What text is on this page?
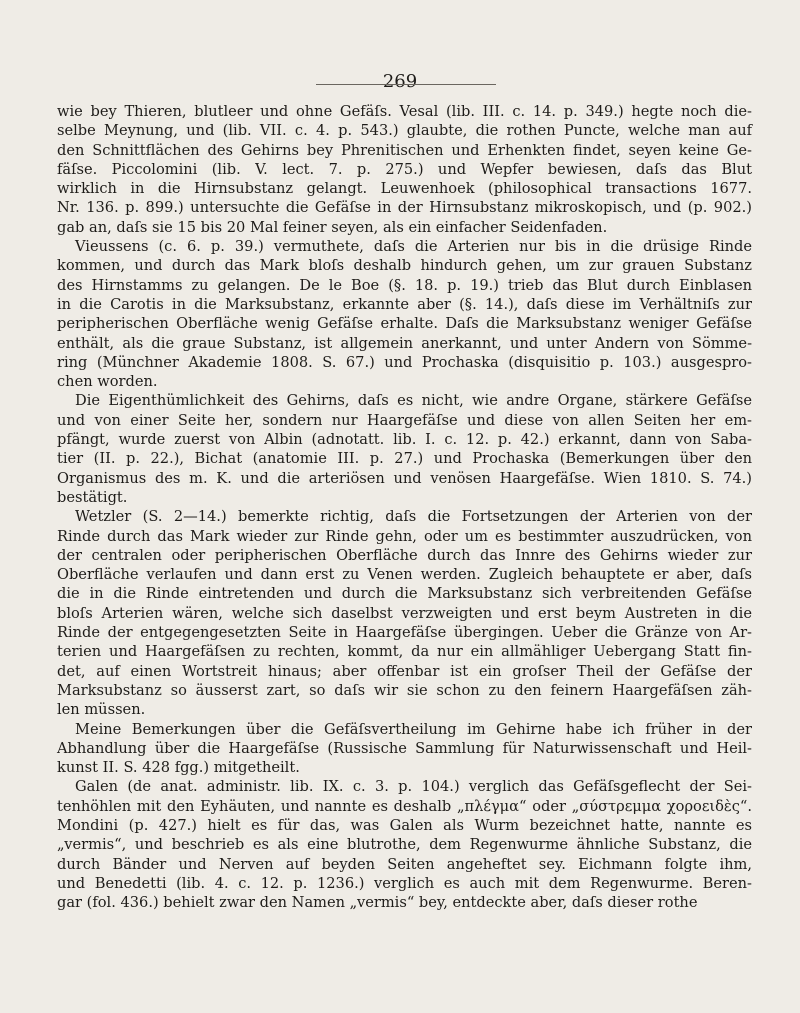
269
wie bey Thieren, blutleer und ohne Gefäſs. Vesal (lib. III. c. 14. p. 349.) hegte noch die-
selbe Meynung, und (lib. VII. c. 4. p. 543.) glaubte, die rothen Puncte, welche man auf
den Schnittflächen des Gehirns bey Phrenitischen und Erhenkten findet, seyen keine Ge-
fäſse. Piccolomini (lib. V. lect. 7. p. 275.) und Wepfer bewiesen, daſs das Blut
wirklich in die Hirnsubstanz gelangt. Leuwenhoek (philosophical transactions 1677.
Nr. 136. p. 899.) untersuchte die Gefäſse in der Hirnsubstanz mikroskopisch, und (p. 902.)
gab an, daſs sie 15 bis 20 Mal feiner seyen, als ein einfacher Seidenfaden.
Vieussens (c. 6. p. 39.) vermuthete, daſs die Arterien nur bis in die drüsige Rinde
kommen, und durch das Mark bloſs deshalb hindurch gehen, um zur grauen Substanz
des Hirnstamms zu gelangen. De le Boe (§. 18. p. 19.) trieb das Blut durch Einblasen
in die Carotis in die Marksubstanz, erkannte aber (§. 14.), daſs diese im Verhältniſs zur
peripherischen Oberfläche wenig Gefäſse erhalte. Daſs die Marksubstanz weniger Gefäſse
enthält, als die graue Substanz, ist allgemein anerkannt, und unter Andern von Sömme-
ring (Münchner Akademie 1808. S. 67.) und Prochaska (disquisitio p. 103.) ausgespro-
chen worden.
Die Eigenthümlichkeit des Gehirns, daſs es nicht, wie andre Organe, stärkere Gefäſse
und von einer Seite her, sondern nur Haargefäſse und diese von allen Seiten her em-
pfängt, wurde zuerst von Albin (adnotatt. lib. I. c. 12. p. 42.) erkannt, dann von Saba-
tier (II. p. 22.), Bichat (anatomie III. p. 27.) und Prochaska (Bemerkungen über den
Organismus des m. K. und die arteriösen und venösen Haargefäſse. Wien 1810. S. 74.)
bestätigt.
Wetzler (S. 2—14.) bemerkte richtig, daſs die Fortsetzungen der Arterien von der
Rinde durch das Mark wieder zur Rinde gehn, oder um es bestimmter auszudrücken, von
der centralen oder peripherischen Oberfläche durch das Innre des Gehirns wieder zur
Oberfläche verlaufen und dann erst zu Venen werden. Zugleich behauptete er aber, daſs
die in die Rinde eintretenden und durch die Marksubstanz sich verbreitenden Gefäſse
bloſs Arterien wären, welche sich daselbst verzweigten und erst beym Austreten in die
Rinde der entgegengesetzten Seite in Haargefäſse übergingen. Ueber die Gränze von Ar-
terien und Haargefäſsen zu rechten, kommt, da nur ein allmähliger Uebergang Statt fin-
det, auf einen Wortstreit hinaus; aber offenbar ist ein groſser Theil der Gefäſse der
Marksubstanz so äusserst zart, so daſs wir sie schon zu den feinern Haargefäſsen zäh-
len müssen.
Meine Bemerkungen über die Gefäſsvertheilung im Gehirne habe ich früher in der
Abhandlung über die Haargefäſse (Russische Sammlung für Naturwissenschaft und Heil-
kunst II. S. 428 fgg.) mitgetheilt.
Galen (de anat. administr. lib. IX. c. 3. p. 104.) verglich das Gefäſsgeflecht der Sei-
tenhöhlen mit den Eyhäuten, und nannte es deshalb „πλέγμα“ oder „σύστρεμμα χοροειδὲς“.
Mondini (p. 427.) hielt es für das, was Galen als Wurm bezeichnet hatte, nannte es
„vermis“, und beschrieb es als eine blutrothe, dem Regenwurme ähnliche Substanz, die
durch Bänder und Nerven auf beyden Seiten angeheftet sey. Eichmann folgte ihm,
und Benedetti (lib. 4. c. 12. p. 1236.) verglich es auch mit dem Regenwurme. Beren-
gar (fol. 436.) behielt zwar den Namen „vermis“ bey, entdeckte aber, daſs dieser rothe
